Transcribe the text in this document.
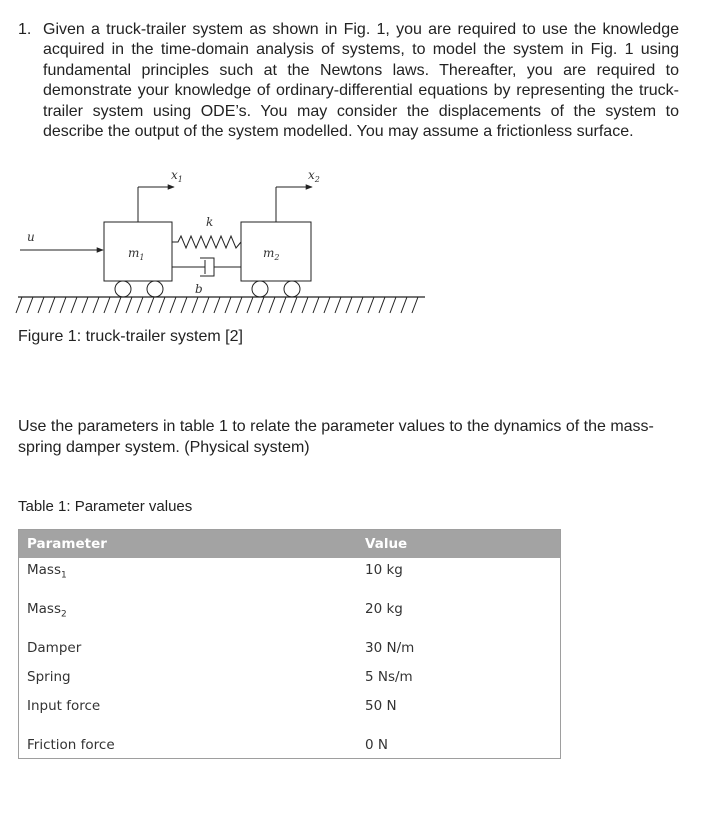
1. Given a truck-trailer system as shown in Fig. 1, you are required to use the knowledge acquired in the time-domain analysis of systems, to model the system in Fig. 1 using fundamental principles such at the Newtons laws. Thereafter, you are required to demonstrate your knowledge of ordinary-differential equations by representing the truck-trailer system using ODE’s. You may consider the displacements of the system to describe the output of the system modelled. You may assume a frictionless surface.
u
$x_1$	$x_2$
k
b
$m_1$	$m_2$
Figure 1: truck-trailer system [2]
Use the parameters in table 1 to relate the parameter values to the dynamics of the mass-spring damper system. (Physical system)
Table 1: Parameter values
Parameter	Value
Mass$_1$	10 kg
Mass$_2$	20 kg
Damper	30 N/m
Spring	5 Ns/m
Input force	50 N
Friction force	0 N
